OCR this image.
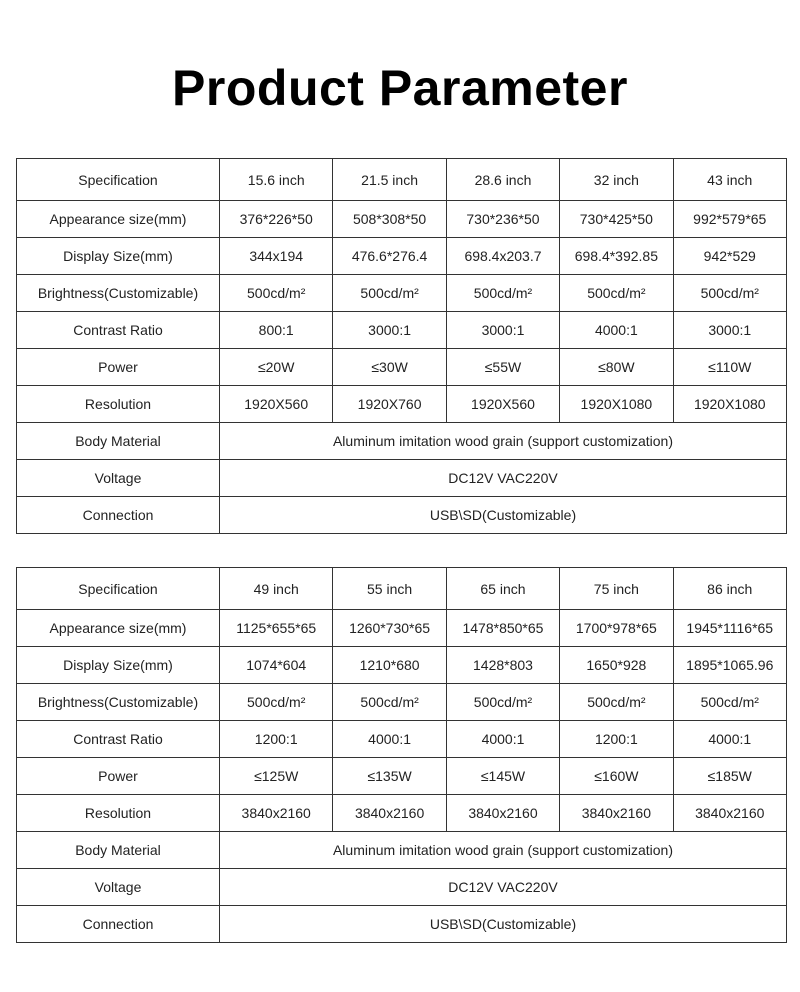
Product Parameter
Specification	15.6 inch	21.5 inch	28.6 inch	32 inch	43 inch
Appearance size(mm)	376*226*50	508*308*50	730*236*50	730*425*50	992*579*65
Display Size(mm)	344x194	476.6*276.4	698.4x203.7	698.4*392.85	942*529
Brightness(Customizable)	500cd/m²	500cd/m²	500cd/m²	500cd/m²	500cd/m²
Contrast Ratio	800:1	3000:1	3000:1	4000:1	3000:1
Power	≤20W	≤30W	≤55W	≤80W	≤110W
Resolution	1920X560	1920X760	1920X560	1920X1080	1920X1080
Body Material	Aluminum imitation wood grain (support customization)				
Voltage	DC12V VAC220V				
Connection	USB\SD(Customizable)				
Specification	49 inch	55 inch	65 inch	75 inch	86 inch
Appearance size(mm)	1125*655*65	1260*730*65	1478*850*65	1700*978*65	1945*1116*65
Display Size(mm)	1074*604	1210*680	1428*803	1650*928	1895*1065.96
Brightness(Customizable)	500cd/m²	500cd/m²	500cd/m²	500cd/m²	500cd/m²
Contrast Ratio	1200:1	4000:1	4000:1	1200:1	4000:1
Power	≤125W	≤135W	≤145W	≤160W	≤185W
Resolution	3840x2160	3840x2160	3840x2160	3840x2160	3840x2160
Body Material	Aluminum imitation wood grain (support customization)				
Voltage	DC12V VAC220V				
Connection	USB\SD(Customizable)				
